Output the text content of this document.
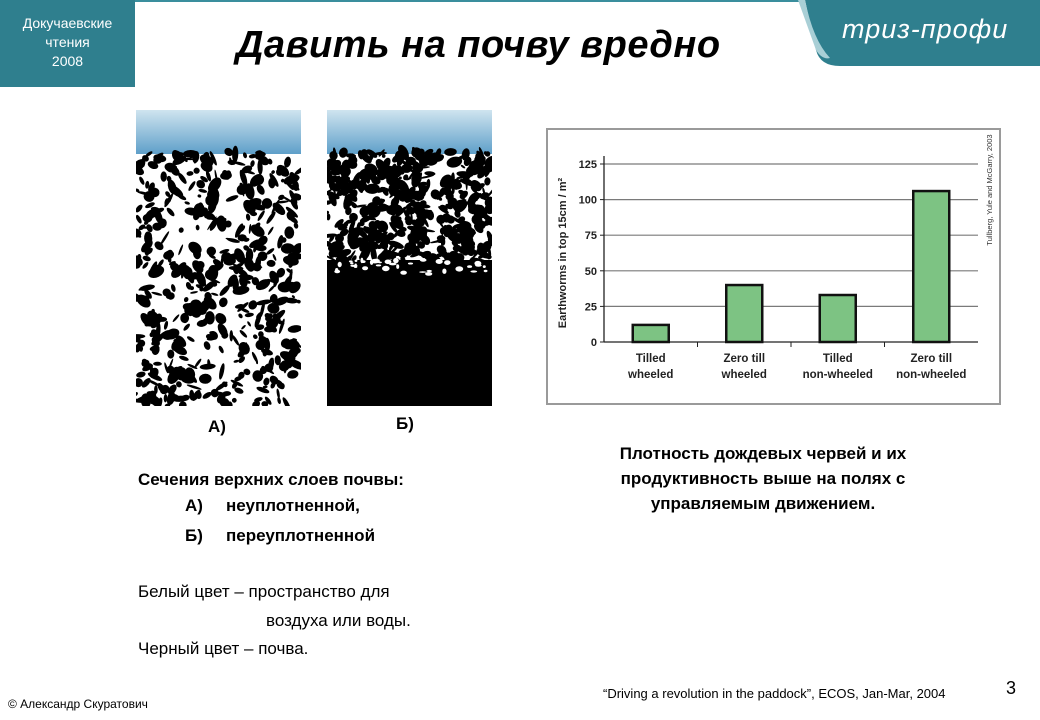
Докучаевские
чтения
2008	Давить на почву вредно	триз-профи
А)	Б)
Сечения верхних слоев почвы:
А) неуплотненной,
Б) переуплотненной
Белый цвет – пространство для
воздуха или воды.
Черный цвет – почва.
0
25
50
75
100
125
Tilled
wheeled
Zero till
wheeled
Tilled
non-wheeled
Zero till
non-wheeled
Earthworms in top 15cm / m²	Tullberg, Yule and McGarry, 2003
Плотность дождевых червей и их
продуктивность выше на полях с
управляемым движением.
© Александр Скуратович
“Driving a revolution in the paddock”, ECOS, Jan-Mar, 2004	3
